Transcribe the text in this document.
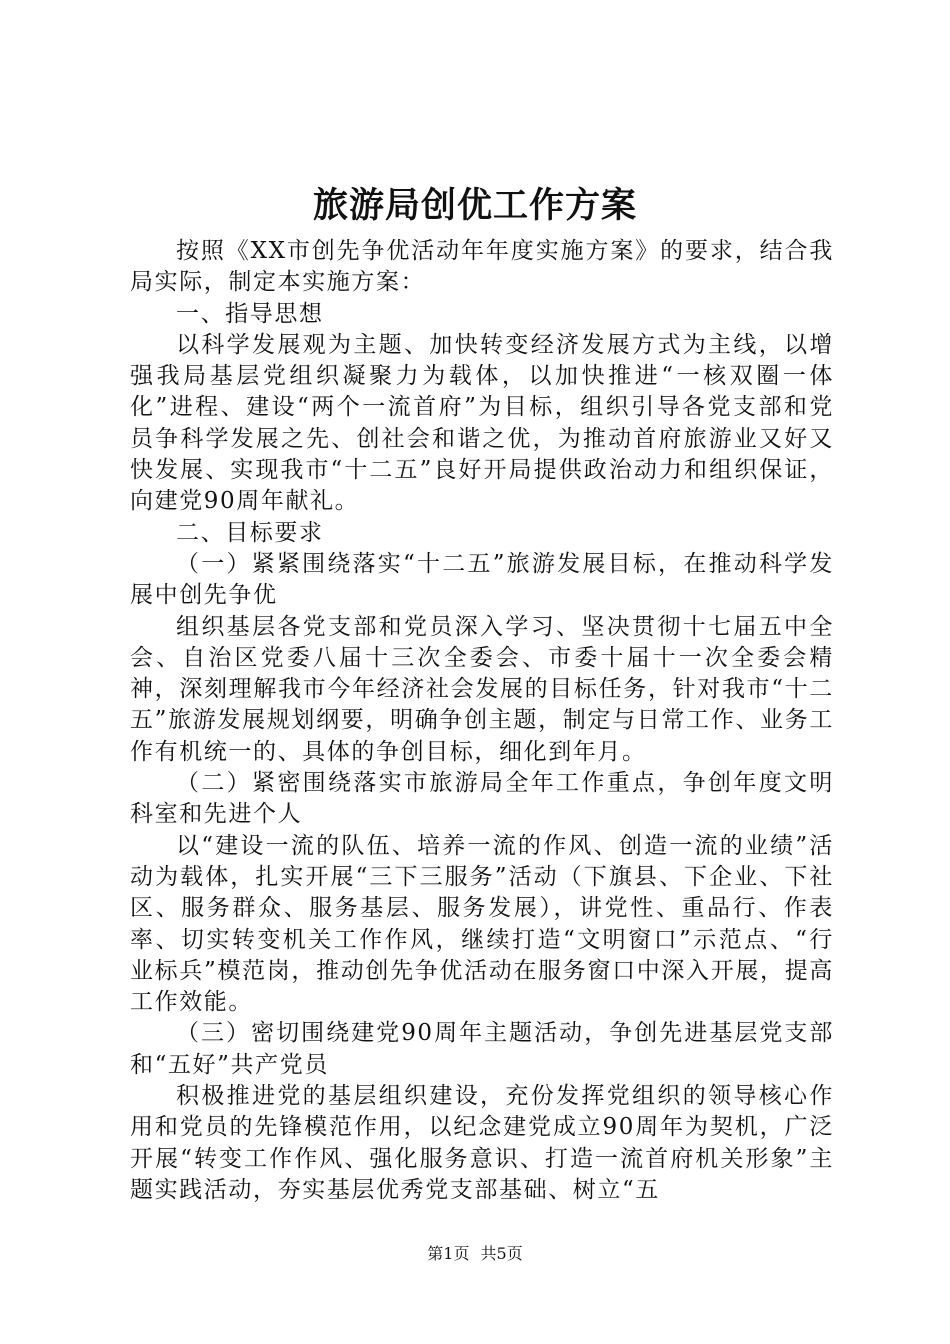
旅游局创优工作方案

按照《XX市创先争优活动年年度实施方案》的要求，结合我局实际，制定本实施方案：

一、指导思想

以科学发展观为主题、加快转变经济发展方式为主线，以增强我局基层党组织凝聚力为载体，以加快推进“一核双圈一体化”进程、建设“两个一流首府”为目标，组织引导各党支部和党员争科学发展之先、创社会和谐之优，为推动首府旅游业又好又快发展、实现我市“十二五”良好开局提供政治动力和组织保证，向建党90周年献礼。

二、目标要求

（一）紧紧围绕落实“十二五”旅游发展目标，在推动科学发展中创先争优

组织基层各党支部和党员深入学习、坚决贯彻十七届五中全会、自治区党委八届十三次全委会、市委十届十一次全委会精神，深刻理解我市今年经济社会发展的目标任务，针对我市“十二五”旅游发展规划纲要，明确争创主题，制定与日常工作、业务工作有机统一的、具体的争创目标，细化到年月。

（二）紧密围绕落实市旅游局全年工作重点，争创年度文明科室和先进个人

以“建设一流的队伍、培养一流的作风、创造一流的业绩”活动为载体，扎实开展“三下三服务”活动（下旗县、下企业、下社区、服务群众、服务基层、服务发展），讲党性、重品行、作表率、切实转变机关工作作风，继续打造“文明窗口”示范点、“行业标兵”模范岗，推动创先争优活动在服务窗口中深入开展，提高工作效能。

（三）密切围绕建党90周年主题活动，争创先进基层党支部和“五好”共产党员

积极推进党的基层组织建设，充份发挥党组织的领导核心作用和党员的先锋模范作用，以纪念建党成立90周年为契机，广泛开展“转变工作作风、强化服务意识、打造一流首府机关形象”主题实践活动，夯实基层优秀党支部基础、树立“五

第1页 共5页
